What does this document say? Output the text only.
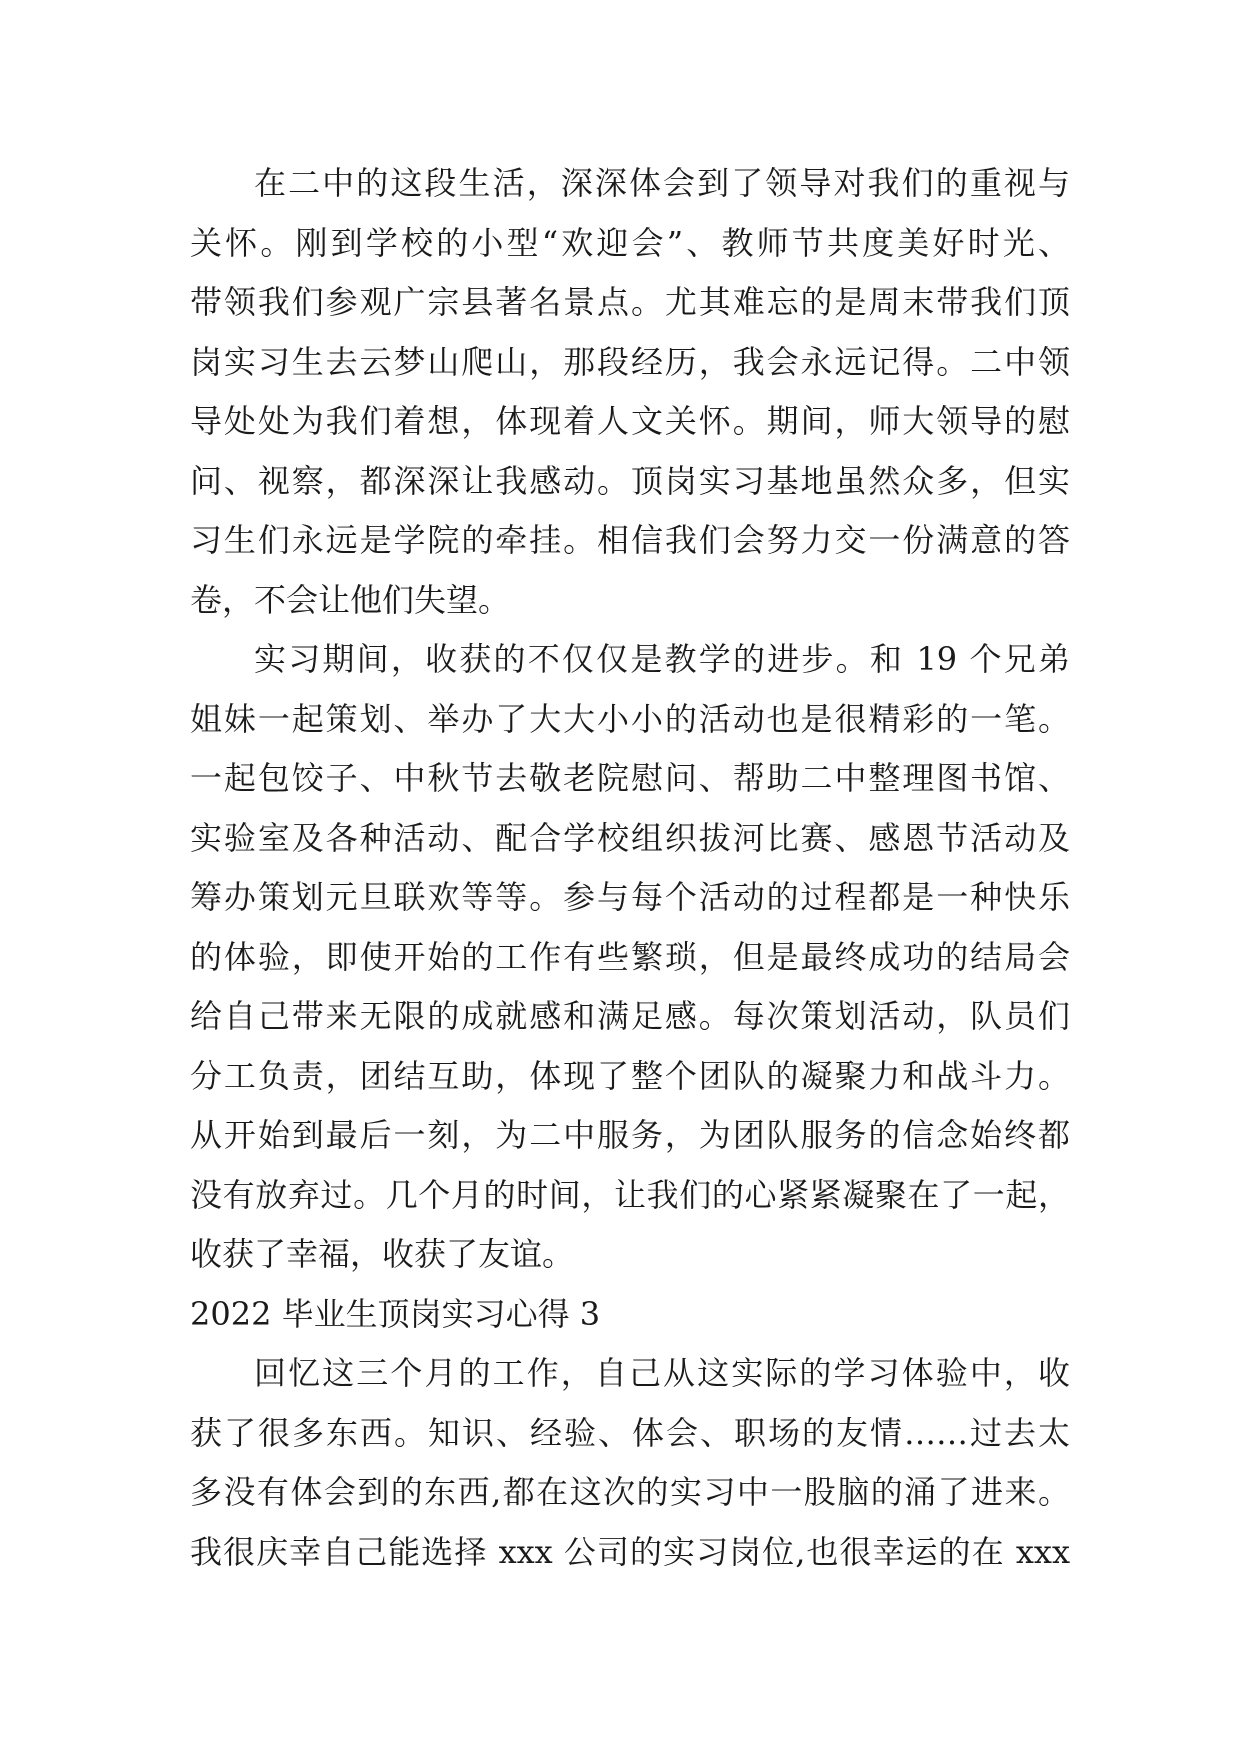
在二中的这段生活，深深体会到了领导对我们的重视与
关怀。刚到学校的小型“欢迎会”、教师节共度美好时光、
带领我们参观广宗县著名景点。尤其难忘的是周末带我们顶
岗实习生去云梦山爬山，那段经历，我会永远记得。二中领
导处处为我们着想，体现着人文关怀。期间，师大领导的慰
问、视察，都深深让我感动。顶岗实习基地虽然众多，但实
习生们永远是学院的牵挂。相信我们会努力交一份满意的答
卷，不会让他们失望。
实习期间，收获的不仅仅是教学的进步。和 19 个兄弟
姐妹一起策划、举办了大大小小的活动也是很精彩的一笔。
一起包饺子、中秋节去敬老院慰问、帮助二中整理图书馆、
实验室及各种活动、配合学校组织拔河比赛、感恩节活动及
筹办策划元旦联欢等等。参与每个活动的过程都是一种快乐
的体验，即使开始的工作有些繁琐，但是最终成功的结局会
给自己带来无限的成就感和满足感。每次策划活动，队员们
分工负责，团结互助，体现了整个团队的凝聚力和战斗力。
从开始到最后一刻，为二中服务，为团队服务的信念始终都
没有放弃过。几个月的时间，让我们的心紧紧凝聚在了一起，
收获了幸福，收获了友谊。
2022 毕业生顶岗实习心得 3
回忆这三个月的工作，自己从这实际的学习体验中，收
获了很多东西。知识、经验、体会、职场的友情……过去太
多没有体会到的东西,都在这次的实习中一股脑的涌了进来。
我很庆幸自己能选择 xxx 公司的实习岗位,也很幸运的在 xxx
